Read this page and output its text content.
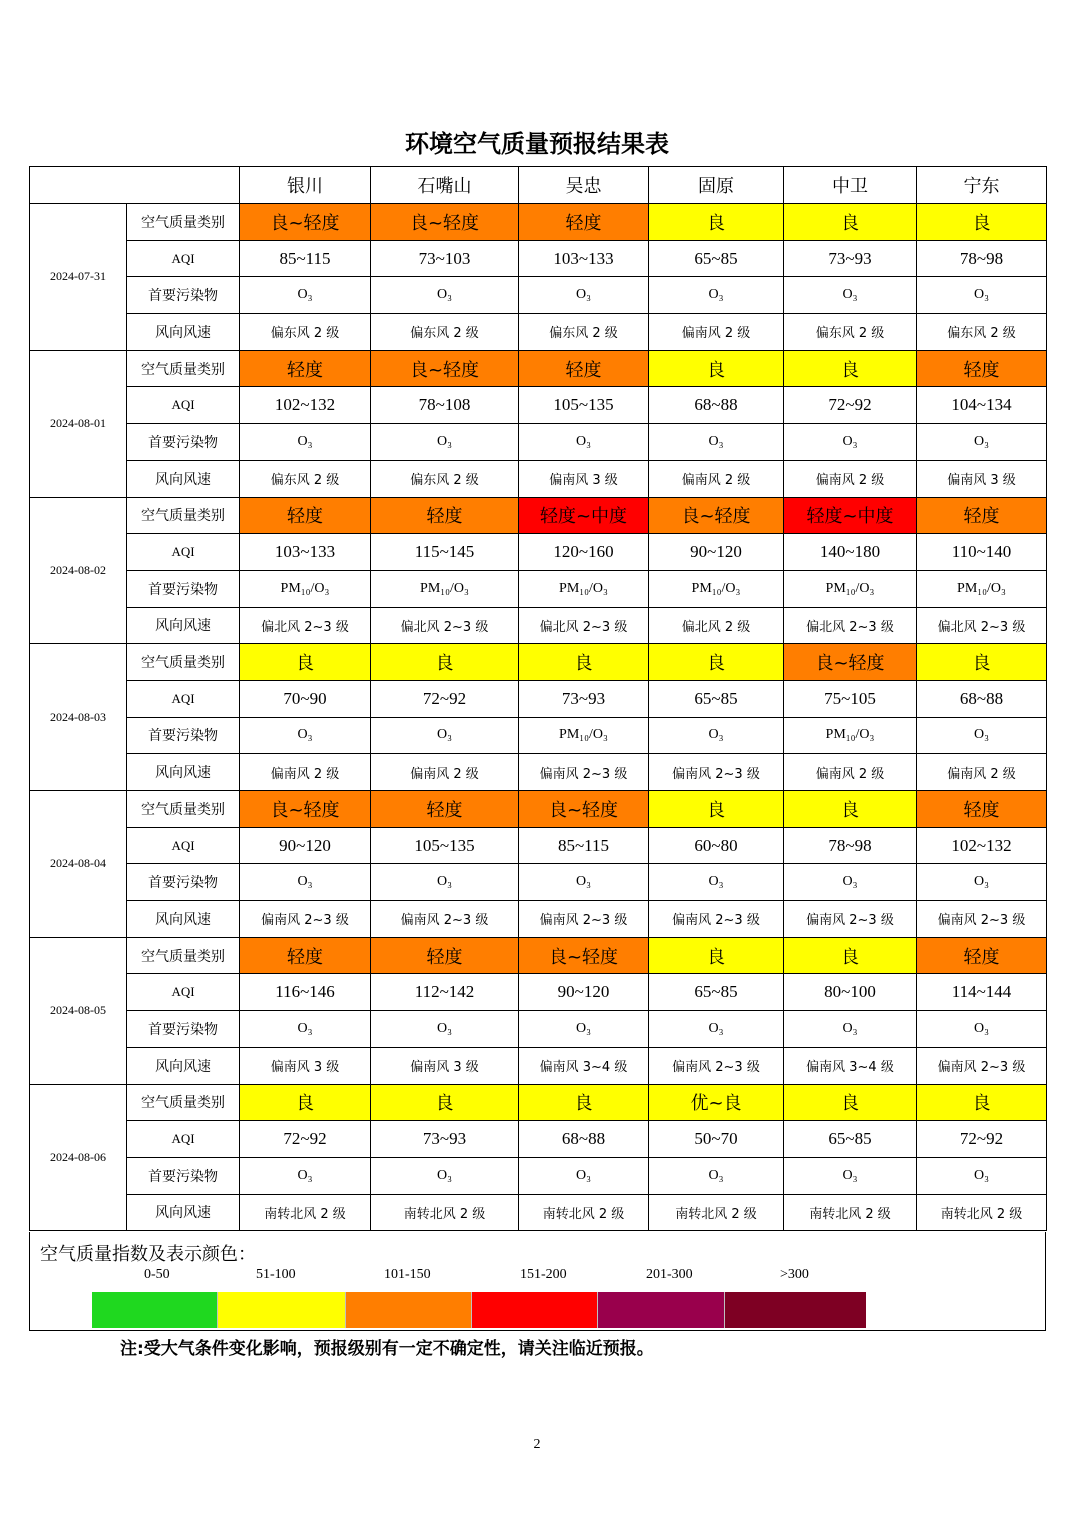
环境空气质量预报结果表
		银川	石嘴山	吴忠	固原	中卫	宁东
2024-07-31	空气质量类别	良~轻度	良~轻度	轻度	良	良	良
	AQI	85~115	73~103	103~133	65~85	73~93	78~98
	首要污染物	O₃	O₃	O₃	O₃	O₃	O₃
	风向风速	偏东风 2 级	偏东风 2 级	偏东风 2 级	偏南风 2 级	偏东风 2 级	偏东风 2 级
2024-08-01	空气质量类别	轻度	良~轻度	轻度	良	良	轻度
	AQI	102~132	78~108	105~135	68~88	72~92	104~134
	首要污染物	O₃	O₃	O₃	O₃	O₃	O₃
	风向风速	偏东风 2 级	偏东风 2 级	偏南风 3 级	偏南风 2 级	偏南风 2 级	偏南风 3 级
2024-08-02	空气质量类别	轻度	轻度	轻度~中度	良~轻度	轻度~中度	轻度
	AQI	103~133	115~145	120~160	90~120	140~180	110~140
	首要污染物	PM₁₀/O₃	PM₁₀/O₃	PM₁₀/O₃	PM₁₀/O₃	PM₁₀/O₃	PM₁₀/O₃
	风向风速	偏北风 2~3 级	偏北风 2~3 级	偏北风 2~3 级	偏北风 2 级	偏北风 2~3 级	偏北风 2~3 级
2024-08-03	空气质量类别	良	良	良	良	良~轻度	良
	AQI	70~90	72~92	73~93	65~85	75~105	68~88
	首要污染物	O₃	O₃	PM₁₀/O₃	O₃	PM₁₀/O₃	O₃
	风向风速	偏南风 2 级	偏南风 2 级	偏南风 2~3 级	偏南风 2~3 级	偏南风 2 级	偏南风 2 级
2024-08-04	空气质量类别	良~轻度	轻度	良~轻度	良	良	轻度
	AQI	90~120	105~135	85~115	60~80	78~98	102~132
	首要污染物	O₃	O₃	O₃	O₃	O₃	O₃
	风向风速	偏南风 2~3 级	偏南风 2~3 级	偏南风 2~3 级	偏南风 2~3 级	偏南风 2~3 级	偏南风 2~3 级
2024-08-05	空气质量类别	轻度	轻度	良~轻度	良	良	轻度
	AQI	116~146	112~142	90~120	65~85	80~100	114~144
	首要污染物	O₃	O₃	O₃	O₃	O₃	O₃
	风向风速	偏南风 3 级	偏南风 3 级	偏南风 3~4 级	偏南风 2~3 级	偏南风 3~4 级	偏南风 2~3 级
2024-08-06	空气质量类别	良	良	良	优~良	良	良
	AQI	72~92	73~93	68~88	50~70	65~85	72~92
	首要污染物	O₃	O₃	O₃	O₃	O₃	O₃
	风向风速	南转北风 2 级	南转北风 2 级	南转北风 2 级	南转北风 2 级	南转北风 2 级	南转北风 2 级
空气质量指数及表示颜色：
0-50	51-100	101-150	151-200	201-300	>300
注:受大气条件变化影响，预报级别有一定不确定性，请关注临近预报。
2
